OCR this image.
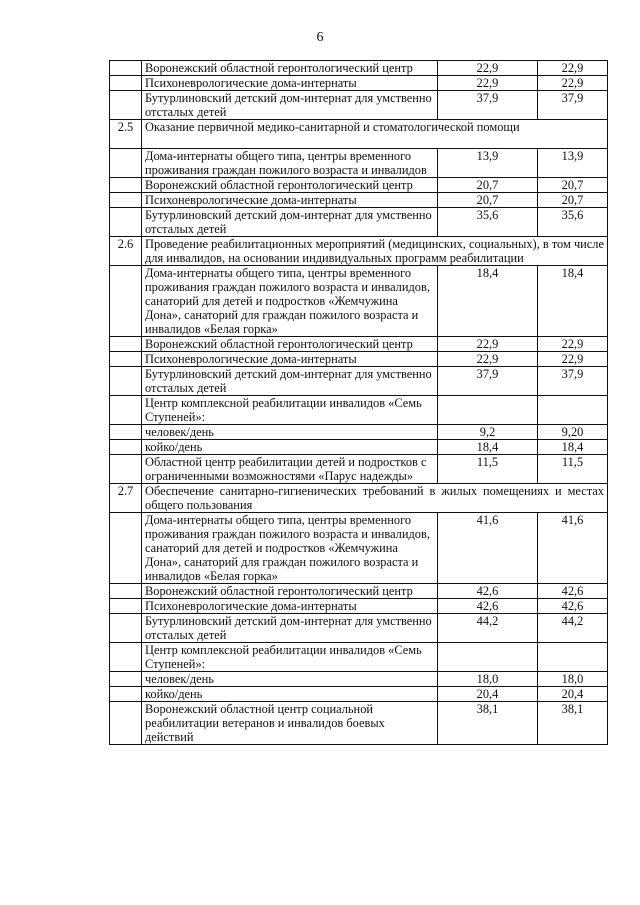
6
	Воронежский областной геронтологический центр	22,9	22,9
	Психоневрологические дома-интернаты	22,9	22,9
	Бутурлиновский детский дом-интернат для умственно отсталых детей	37,9	37,9
2.5	Оказание первичной медико-санитарной и стоматологической помощи		
	Дома-интернаты общего типа, центры временного проживания граждан пожилого возраста и инвалидов	13,9	13,9
	Воронежский областной геронтологический центр	20,7	20,7
	Психоневрологические дома-интернаты	20,7	20,7
	Бутурлиновский детский дом-интернат для умственно отсталых детей	35,6	35,6
2.6	Проведение реабилитационных мероприятий (медицинских, социальных), в том числе для инвалидов, на основании индивидуальных программ реабилитации		
	Дома-интернаты общего типа, центры временного проживания граждан пожилого возраста и инвалидов, санаторий для детей и подростков «Жемчужина Дона», санаторий для граждан пожилого возраста и инвалидов «Белая горка»	18,4	18,4
	Воронежский областной геронтологический центр	22,9	22,9
	Психоневрологические дома-интернаты	22,9	22,9
	Бутурлиновский детский дом-интернат для умственно отсталых детей	37,9	37,9
	Центр комплексной реабилитации инвалидов «Семь Ступеней»:		
	человек/день	9,2	9,20
	койко/день	18,4	18,4
	Областной центр реабилитации детей и подростков с ограниченными возможностями «Парус надежды»	11,5	11,5
2.7	Обеспечение санитарно-гигиенических требований в жилых помещениях и местах общего пользования		
	Дома-интернаты общего типа, центры временного проживания граждан пожилого возраста и инвалидов, санаторий для детей и подростков «Жемчужина Дона», санаторий для граждан пожилого возраста и инвалидов «Белая горка»	41,6	41,6
	Воронежский областной геронтологический центр	42,6	42,6
	Психоневрологические дома-интернаты	42,6	42,6
	Бутурлиновский детский дом-интернат для умственно отсталых детей	44,2	44,2
	Центр комплексной реабилитации инвалидов «Семь Ступеней»:		
	человек/день	18,0	18,0
	койко/день	20,4	20,4
	Воронежский областной центр социальной реабилитации ветеранов и инвалидов боевых действий	38,1	38,1
